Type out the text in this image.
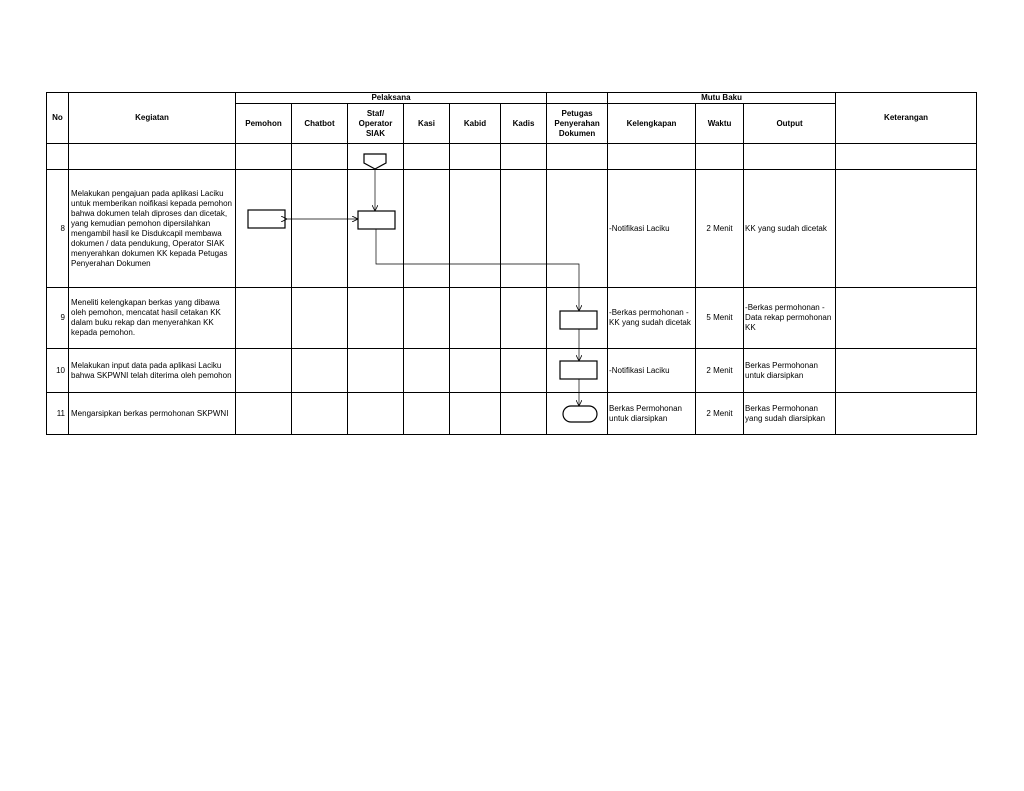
No	Kegiatan	Pelaksana							Mutu Baku			Keterangan
		Pemohon	Chatbot	Staf/ Operator SIAK	Kasi	Kabid	Kadis	Petugas Penyerahan Dokumen	Kelengkapan	Waktu	Output	

8	Melakukan pengajuan pada aplikasi Laciku untuk memberikan noifikasi kepada pemohon bahwa dokumen telah diproses dan dicetak, yang kemudian pemohon dipersilahkan mengambil hasil ke Disdukcapil membawa dokumen / data pendukung, Operator SIAK menyerahkan dokumen KK kepada Petugas Penyerahan Dokumen								-Notifikasi Laciku	2 Menit	KK yang sudah dicetak	
9	Meneliti kelengkapan berkas yang dibawa oleh pemohon, mencatat hasil cetakan KK dalam buku rekap dan menyerahkan KK kepada pemohon.								-Berkas permohonan -KK yang sudah dicetak	5 Menit	-Berkas permohonan -Data rekap permohonan KK	
10	Melakukan input data pada aplikasi Laciku bahwa SKPWNI telah diterima oleh pemohon								-Notifikasi Laciku	2 Menit	Berkas Permohonan untuk diarsipkan	
11	Mengarsipkan berkas permohonan SKPWNI								Berkas Permohonan untuk diarsipkan	2 Menit	Berkas Permohonan yang sudah diarsipkan	
